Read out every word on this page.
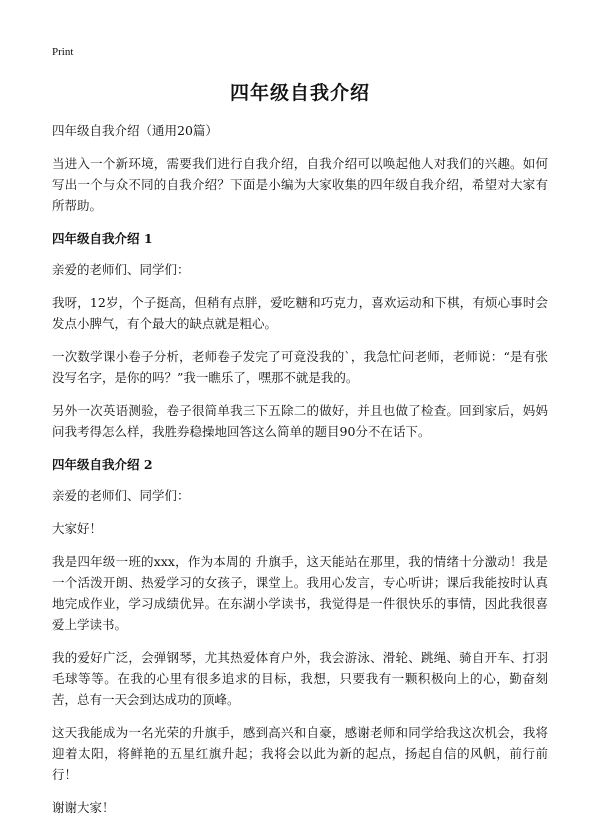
Print
四年级自我介绍

四年级自我介绍（通用20篇）

当进入一个新环境，需要我们进行自我介绍，自我介绍可以唤起他人对我们的兴趣。如何写出一个与众不同的自我介绍？下面是小编为大家收集的四年级自我介绍，希望对大家有所帮助。

四年级自我介绍 1

亲爱的老师们、同学们：

我呀，12岁，个子挺高，但稍有点胖，爱吃糖和巧克力，喜欢运动和下棋，有烦心事时会发点小脾气，有个最大的缺点就是粗心。

一次数学课小卷子分析，老师卷子发完了可竟没我的`，我急忙问老师，老师说：“是有张没写名字，是你的吗？”我一瞧乐了，嘿那不就是我的。

另外一次英语测验，卷子很简单我三下五除二的做好，并且也做了检查。回到家后，妈妈问我考得怎么样，我胜券稳操地回答这么简单的题目90分不在话下。

四年级自我介绍 2

亲爱的老师们、同学们：

大家好！

我是四年级一班的xxx，作为本周的 升旗手，这天能站在那里，我的情绪十分激动！我是一个活泼开朗、热爱学习的女孩子，课堂上。我用心发言，专心听讲；课后我能按时认真地完成作业，学习成绩优异。在东湖小学读书，我觉得是一件很快乐的事情，因此我很喜爱上学读书。

我的爱好广泛，会弹钢琴，尤其热爱体育户外，我会游泳、滑轮、跳绳、骑自开车、打羽毛球等等。在我的心里有很多追求的目标，我想，只要我有一颗积极向上的心，勤奋刻苦，总有一天会到达成功的顶峰。

这天我能成为一名光荣的升旗手，感到高兴和自豪，感谢老师和同学给我这次机会，我将迎着太阳，将鲜艳的五星红旗升起；我将会以此为新的起点，扬起自信的风帆，前行前行！

谢谢大家！
